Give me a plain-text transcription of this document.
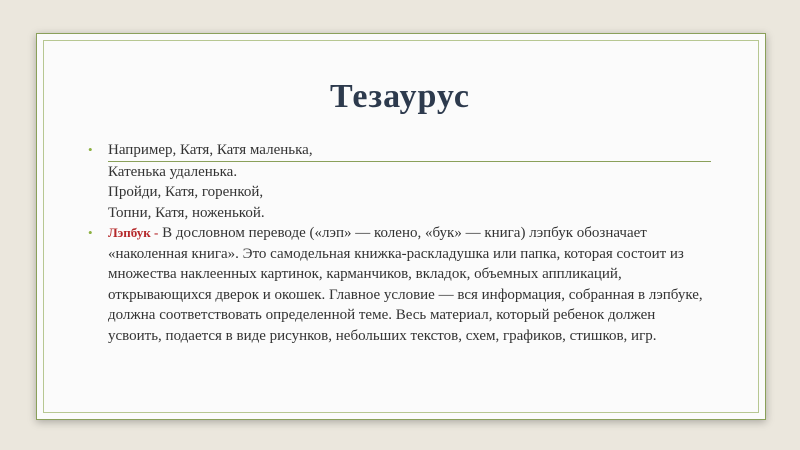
Тезаурус
• Например, Катя, Катя маленька,
Катенька удаленька.
Пройди, Катя, горенкой,
Топни, Катя, ноженькой.
• Лэпбук - В дословном переводе («лэп» — колено, «бук» — книга) лэпбук обозначает «наколенная книга». Это самодельная книжка-раскладушка или папка, которая состоит из множества наклеенных картинок, карманчиков, вкладок, объемных аппликаций, открывающихся дверок и окошек. Главное условие — вся информация, собранная в лэпбуке, должна соответствовать определенной теме. Весь материал, который ребенок должен усвоить, подается в виде рисунков, небольших текстов, схем, графиков, стишков, игр.
